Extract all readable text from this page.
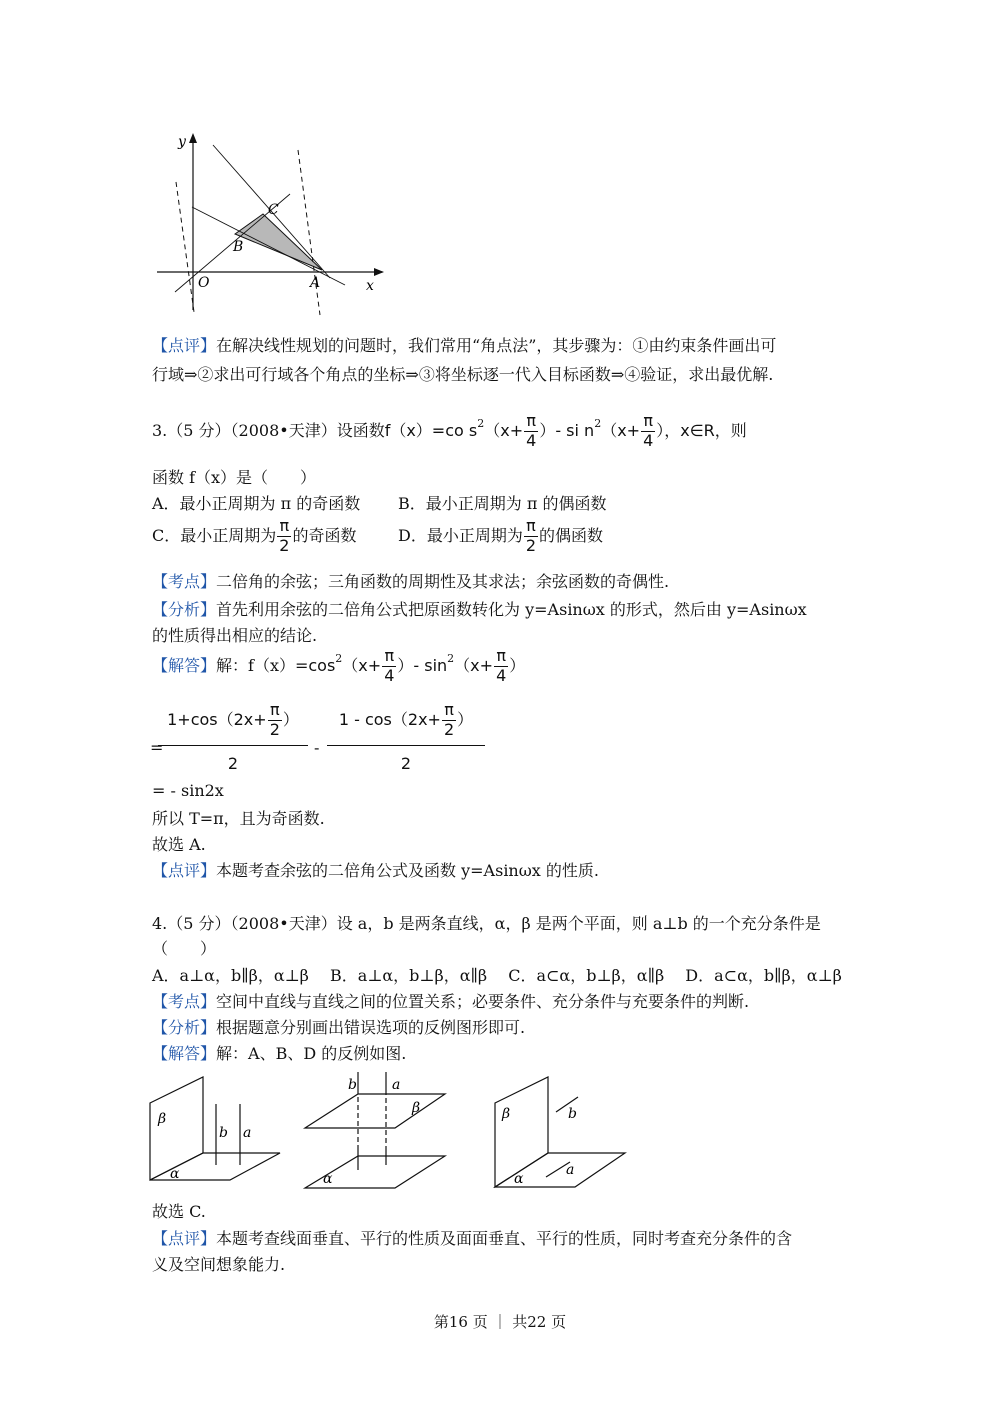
y
x
O	A
B
C
【点评】在解决线性规划的问题时，我们常用“角点法”，其步骤为：①由约束条件画出可
行域⇒②求出可行域各个角点的坐标⇒③将坐标逐一代入目标函数⇒④验证，求出最优解.
3.（5 分）（2008•天津）设函数f（x）=co $s^2(x+ \frac{\pi}{4}$ ）- si $n^2(x+ \frac{\pi}{4}$ ），x∈R，则
函数 f（x）是（　　）
A．最小正周期为 π 的奇函数 B．最小正周期为 π 的偶函数
C．最小正周期为 $\frac{\pi}{2}$ 的奇函数	D．最小正周期为 $\frac{\pi}{2}$ 的偶函数
【考点】二倍角的余弦；三角函数的周期性及其求法；余弦函数的奇偶性.
【分析】首先利用余弦的二倍角公式把原函数转化为 y=Asinωx 的形式，然后由 y=Asinωx
的性质得出相应的结论.
【解答】解：$f(x)=\cos^2(x+ \frac{\pi}{4}$ ）- $\sin^2(x+ \frac{\pi}{4}$ ）
=
$1+\cos(2x+ \frac{\pi}{2}$ ）
2
-
$1 - \cos(2x+ \frac{\pi}{2}$ ）
2
= - sin2x
所以 T=π，且为奇函数.
故选 A.
【点评】本题考查余弦的二倍角公式及函数 y=Asinωx 的性质.
4.（5 分）（2008•天津）设 a，b 是两条直线，α，β 是两个平面，则 a⊥b 的一个充分条件是
（　　）
A．a⊥α，b∥β，α⊥β　 B．a⊥α，b⊥β，α∥β　 C．a⊂α，b⊥β，α∥β　 D．a⊂α，b∥β，α⊥β
【考点】空间中直线与直线之间的位置关系；必要条件、充分条件与充要条件的判断.
【分析】根据题意分别画出错误选项的反例图形即可.
【解答】解：A、B、D 的反例如图.
β	b
a
α
β
b a
α
b	a
β
α
故选 C.
【点评】本题考查线面垂直、平行的性质及面面垂直、平行的性质，同时考查充分条件的含
义及空间想象能力.
第16 页 ｜ 共22 页
